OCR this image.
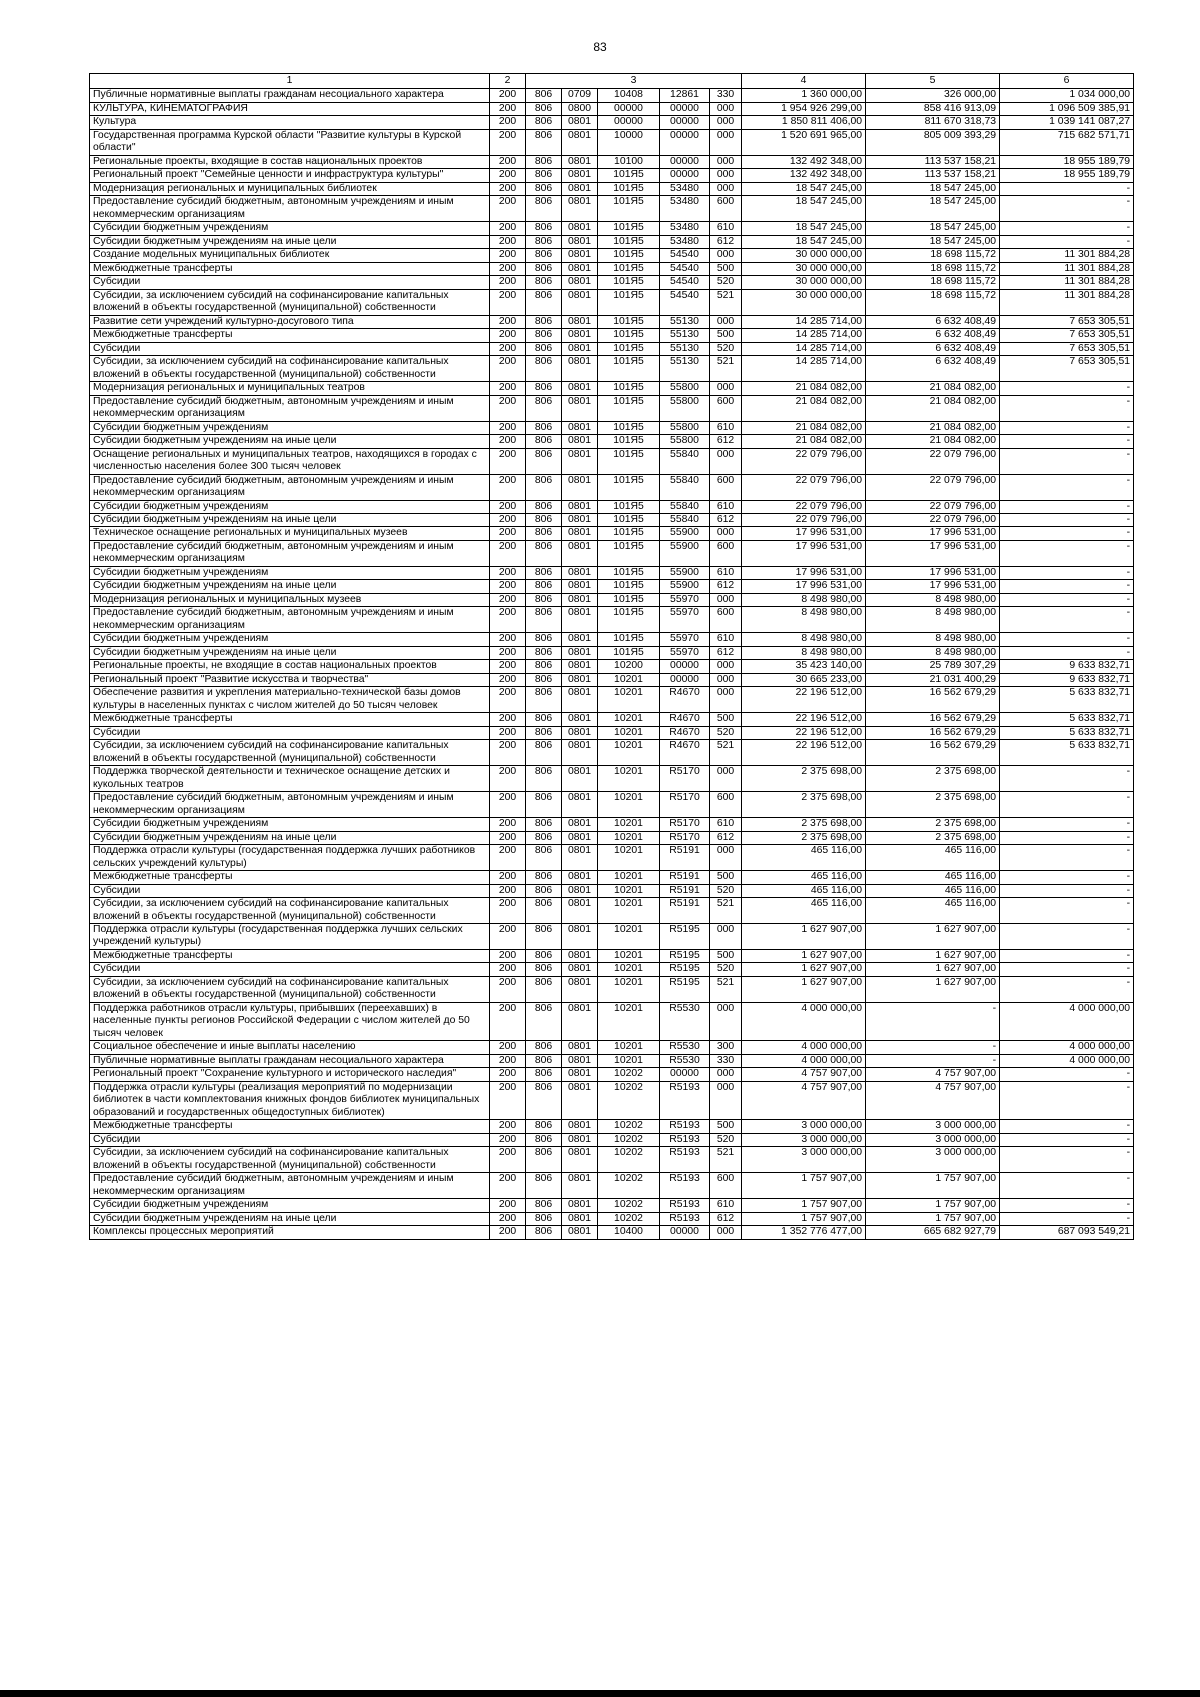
83
1	2	3					4	5	6
Публичные нормативные выплаты гражданам несоциального характера	200	806	0709	10408	12861	330	1 360 000,00	326 000,00	1 034 000,00
КУЛЬТУРА, КИНЕМАТОГРАФИЯ	200	806	0800	00000	00000	000	1 954 926 299,00	858 416 913,09	1 096 509 385,91
Культура	200	806	0801	00000	00000	000	1 850 811 406,00	811 670 318,73	1 039 141 087,27
Государственная программа Курской области "Развитие культуры в Курской области"	200	806	0801	10000	00000	000	1 520 691 965,00	805 009 393,29	715 682 571,71
Региональные проекты, входящие в состав национальных проектов	200	806	0801	10100	00000	000	132 492 348,00	113 537 158,21	18 955 189,79
Региональный проект "Семейные ценности и инфраструктура культуры"	200	806	0801	101Я5	00000	000	132 492 348,00	113 537 158,21	18 955 189,79
Модернизация региональных и муниципальных библиотек	200	806	0801	101Я5	53480	000	18 547 245,00	18 547 245,00	-
Предоставление субсидий бюджетным, автономным учреждениям и иным некоммерческим организациям	200	806	0801	101Я5	53480	600	18 547 245,00	18 547 245,00	-
Субсидии бюджетным учреждениям	200	806	0801	101Я5	53480	610	18 547 245,00	18 547 245,00	-
Субсидии бюджетным учреждениям на иные цели	200	806	0801	101Я5	53480	612	18 547 245,00	18 547 245,00	-
Создание модельных муниципальных библиотек	200	806	0801	101Я5	54540	000	30 000 000,00	18 698 115,72	11 301 884,28
Межбюджетные трансферты	200	806	0801	101Я5	54540	500	30 000 000,00	18 698 115,72	11 301 884,28
Субсидии	200	806	0801	101Я5	54540	520	30 000 000,00	18 698 115,72	11 301 884,28
Субсидии, за исключением субсидий на софинансирование капитальных вложений в объекты государственной (муниципальной) собственности	200	806	0801	101Я5	54540	521	30 000 000,00	18 698 115,72	11 301 884,28
Развитие сети учреждений культурно-досугового типа	200	806	0801	101Я5	55130	000	14 285 714,00	6 632 408,49	7 653 305,51
Межбюджетные трансферты	200	806	0801	101Я5	55130	500	14 285 714,00	6 632 408,49	7 653 305,51
Субсидии	200	806	0801	101Я5	55130	520	14 285 714,00	6 632 408,49	7 653 305,51
Субсидии, за исключением субсидий на софинансирование капитальных вложений в объекты государственной (муниципальной) собственности	200	806	0801	101Я5	55130	521	14 285 714,00	6 632 408,49	7 653 305,51
Модернизация региональных и муниципальных театров	200	806	0801	101Я5	55800	000	21 084 082,00	21 084 082,00	-
Предоставление субсидий бюджетным, автономным учреждениям и иным некоммерческим организациям	200	806	0801	101Я5	55800	600	21 084 082,00	21 084 082,00	-
Субсидии бюджетным учреждениям	200	806	0801	101Я5	55800	610	21 084 082,00	21 084 082,00	-
Субсидии бюджетным учреждениям на иные цели	200	806	0801	101Я5	55800	612	21 084 082,00	21 084 082,00	-
Оснащение региональных и муниципальных театров, находящихся в городах с численностью населения более 300 тысяч человек	200	806	0801	101Я5	55840	000	22 079 796,00	22 079 796,00	-
Предоставление субсидий бюджетным, автономным учреждениям и иным некоммерческим организациям	200	806	0801	101Я5	55840	600	22 079 796,00	22 079 796,00	-
Субсидии бюджетным учреждениям	200	806	0801	101Я5	55840	610	22 079 796,00	22 079 796,00	-
Субсидии бюджетным учреждениям на иные цели	200	806	0801	101Я5	55840	612	22 079 796,00	22 079 796,00	-
Техническое оснащение региональных и муниципальных музеев	200	806	0801	101Я5	55900	000	17 996 531,00	17 996 531,00	-
Предоставление субсидий бюджетным, автономным учреждениям и иным некоммерческим организациям	200	806	0801	101Я5	55900	600	17 996 531,00	17 996 531,00	-
Субсидии бюджетным учреждениям	200	806	0801	101Я5	55900	610	17 996 531,00	17 996 531,00	-
Субсидии бюджетным учреждениям на иные цели	200	806	0801	101Я5	55900	612	17 996 531,00	17 996 531,00	-
Модернизация региональных и муниципальных музеев	200	806	0801	101Я5	55970	000	8 498 980,00	8 498 980,00	-
Предоставление субсидий бюджетным, автономным учреждениям и иным некоммерческим организациям	200	806	0801	101Я5	55970	600	8 498 980,00	8 498 980,00	-
Субсидии бюджетным учреждениям	200	806	0801	101Я5	55970	610	8 498 980,00	8 498 980,00	-
Субсидии бюджетным учреждениям на иные цели	200	806	0801	101Я5	55970	612	8 498 980,00	8 498 980,00	-
Региональные проекты, не входящие в состав национальных проектов	200	806	0801	10200	00000	000	35 423 140,00	25 789 307,29	9 633 832,71
Региональный проект "Развитие искусства и творчества"	200	806	0801	10201	00000	000	30 665 233,00	21 031 400,29	9 633 832,71
Обеспечение развития и укрепления материально-технической базы домов культуры в населенных пунктах с числом жителей до 50 тысяч человек	200	806	0801	10201	R4670	000	22 196 512,00	16 562 679,29	5 633 832,71
Межбюджетные трансферты	200	806	0801	10201	R4670	500	22 196 512,00	16 562 679,29	5 633 832,71
Субсидии	200	806	0801	10201	R4670	520	22 196 512,00	16 562 679,29	5 633 832,71
Субсидии, за исключением субсидий на софинансирование капитальных вложений в объекты государственной (муниципальной) собственности	200	806	0801	10201	R4670	521	22 196 512,00	16 562 679,29	5 633 832,71
Поддержка творческой деятельности и техническое оснащение детских и кукольных театров	200	806	0801	10201	R5170	000	2 375 698,00	2 375 698,00	-
Предоставление субсидий бюджетным, автономным учреждениям и иным некоммерческим организациям	200	806	0801	10201	R5170	600	2 375 698,00	2 375 698,00	-
Субсидии бюджетным учреждениям	200	806	0801	10201	R5170	610	2 375 698,00	2 375 698,00	-
Субсидии бюджетным учреждениям на иные цели	200	806	0801	10201	R5170	612	2 375 698,00	2 375 698,00	-
Поддержка отрасли культуры (государственная поддержка лучших работников сельских учреждений культуры)	200	806	0801	10201	R5191	000	465 116,00	465 116,00	-
Межбюджетные трансферты	200	806	0801	10201	R5191	500	465 116,00	465 116,00	-
Субсидии	200	806	0801	10201	R5191	520	465 116,00	465 116,00	-
Субсидии, за исключением субсидий на софинансирование капитальных вложений в объекты государственной (муниципальной) собственности	200	806	0801	10201	R5191	521	465 116,00	465 116,00	-
Поддержка отрасли культуры (государственная поддержка лучших сельских учреждений культуры)	200	806	0801	10201	R5195	000	1 627 907,00	1 627 907,00	-
Межбюджетные трансферты	200	806	0801	10201	R5195	500	1 627 907,00	1 627 907,00	-
Субсидии	200	806	0801	10201	R5195	520	1 627 907,00	1 627 907,00	-
Субсидии, за исключением субсидий на софинансирование капитальных вложений в объекты государственной (муниципальной) собственности	200	806	0801	10201	R5195	521	1 627 907,00	1 627 907,00	-
Поддержка работников отрасли культуры, прибывших (переехавших) в населенные пункты регионов Российской Федерации с числом жителей до 50 тысяч человек	200	806	0801	10201	R5530	000	4 000 000,00	-	4 000 000,00
Социальное обеспечение и иные выплаты населению	200	806	0801	10201	R5530	300	4 000 000,00	-	4 000 000,00
Публичные нормативные выплаты гражданам несоциального характера	200	806	0801	10201	R5530	330	4 000 000,00	-	4 000 000,00
Региональный проект "Сохранение культурного и исторического наследия"	200	806	0801	10202	00000	000	4 757 907,00	4 757 907,00	-
Поддержка отрасли культуры (реализация мероприятий по модернизации библиотек в части комплектования книжных фондов библиотек муниципальных образований и государственных общедоступных библиотек)	200	806	0801	10202	R5193	000	4 757 907,00	4 757 907,00	-
Межбюджетные трансферты	200	806	0801	10202	R5193	500	3 000 000,00	3 000 000,00	-
Субсидии	200	806	0801	10202	R5193	520	3 000 000,00	3 000 000,00	-
Субсидии, за исключением субсидий на софинансирование капитальных вложений в объекты государственной (муниципальной) собственности	200	806	0801	10202	R5193	521	3 000 000,00	3 000 000,00	-
Предоставление субсидий бюджетным, автономным учреждениям и иным некоммерческим организациям	200	806	0801	10202	R5193	600	1 757 907,00	1 757 907,00	-
Субсидии бюджетным учреждениям	200	806	0801	10202	R5193	610	1 757 907,00	1 757 907,00	-
Субсидии бюджетным учреждениям на иные цели	200	806	0801	10202	R5193	612	1 757 907,00	1 757 907,00	-
Комплексы процессных мероприятий	200	806	0801	10400	00000	000	1 352 776 477,00	665 682 927,79	687 093 549,21
